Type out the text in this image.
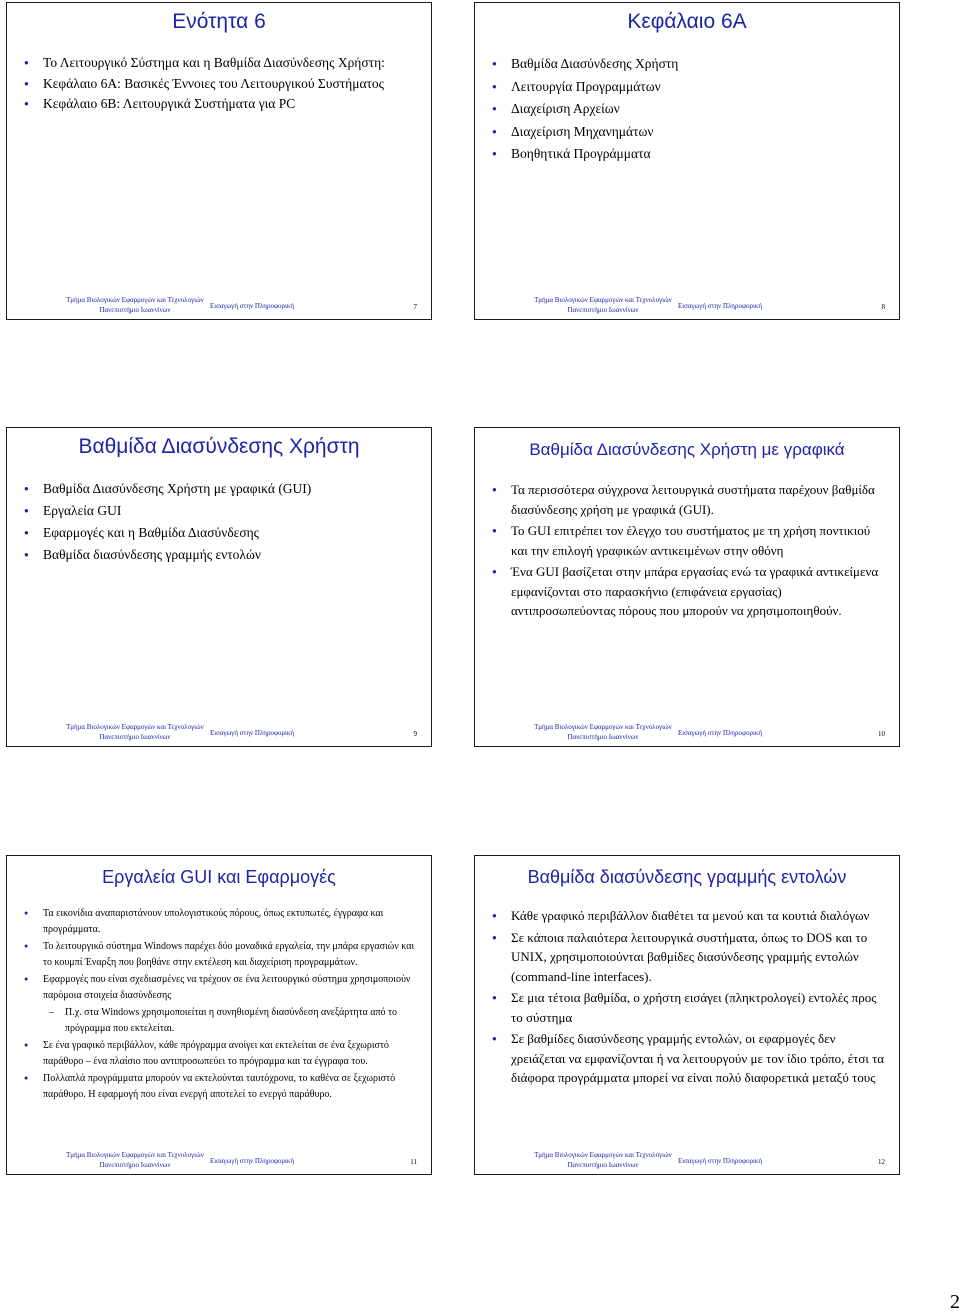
Ενότητα 6
● Το Λειτουργικό Σύστημα και η Βαθμίδα Διασύνδεσης Χρήστη:
● Κεφάλαιο 6Α: Βασικές Έννοιες του Λειτουργικού Συστήματος
● Κεφάλαιο 6Β: Λειτουργικά Συστήματα για PC
Τμήμα Βιολογικών Εφαρμογών και Τεχνολογιών
Πανεπιστήμιο Ιωαννίνων	Εισαγωγή στην Πληροφορική	7
Κεφάλαιο 6Α
● Βαθμίδα Διασύνδεσης Χρήστη
● Λειτουργία Προγραμμάτων
● Διαχείριση Αρχείων
● Διαχείριση Μηχανημάτων
● Βοηθητικά Προγράμματα
Τμήμα Βιολογικών Εφαρμογών και Τεχνολογιών
Πανεπιστήμιο Ιωαννίνων	Εισαγωγή στην Πληροφορική	8
Βαθμίδα Διασύνδεσης Χρήστη
● Βαθμίδα Διασύνδεσης Χρήστη με γραφικά (GUI)
● Εργαλεία GUI
● Εφαρμογές και η Βαθμίδα Διασύνδεσης
● Βαθμίδα διασύνδεσης γραμμής εντολών
Τμήμα Βιολογικών Εφαρμογών και Τεχνολογιών
Πανεπιστήμιο Ιωαννίνων	Εισαγωγή στην Πληροφορική	9
Βαθμίδα Διασύνδεσης Χρήστη με γραφικά
● Τα περισσότερα σύγχρονα λειτουργικά συστήματα παρέχουν βαθμίδα διασύνδεσης χρήση με γραφικά (GUI).
● Το GUI επιτρέπει τον έλεγχο του συστήματος με τη χρήση ποντικιού και την επιλογή γραφικών αντικειμένων στην οθόνη
● Ένα GUI βασίζεται στην μπάρα εργασίας ενώ τα γραφικά αντικείμενα εμφανίζονται στο παρασκήνιο (επιφάνεια εργασίας) αντιπροσωπεύοντας πόρους που μπορούν να χρησιμοποιηθούν.
Τμήμα Βιολογικών Εφαρμογών και Τεχνολογιών
Πανεπιστήμιο Ιωαννίνων	Εισαγωγή στην Πληροφορική	10
Εργαλεία GUI και Εφαρμογές
● Τα εικονίδια αναπαριστάνουν υπολογιστικούς πόρους, όπως εκτυπωτές, έγγραφα και προγράμματα.
● Το λειτουργικό σύστημα Windows παρέχει δύο μοναδικά εργαλεία, την μπάρα εργασιών και το κουμπί Έναρξη που βοηθάνε στην εκτέλεση και διαχείριση προγραμμάτων.
● Εφαρμογές που είναι σχεδιασμένες να τρέχουν σε ένα λειτουργικό σύστημα χρησιμοποιούν παρόμοια στοιχεία διασύνδεσης
– Π.χ. στα Windows χρησιμοποιείται η συνηθισμένη διασύνδεση ανεξάρτητα από το πρόγραμμα που εκτελείται.
● Σε ένα γραφικό περιβάλλον, κάθε πρόγραμμα ανοίγει και εκτελείται σε ένα ξεχωριστό παράθυρο – ένα πλαίσιο που αντιπροσωπεύει το πρόγραμμα και τα έγγραφα του.
● Πολλαπλά προγράμματα μπορούν να εκτελούνται ταυτόχρονα, το καθένα σε ξεχωριστό παράθυρο. Η εφαρμογή που είναι ενεργή αποτελεί το ενεργό παράθυρο.
Τμήμα Βιολογικών Εφαρμογών και Τεχνολογιών
Πανεπιστήμιο Ιωαννίνων	Εισαγωγή στην Πληροφορική	11
Βαθμίδα διασύνδεσης γραμμής εντολών
● Κάθε γραφικό περιβάλλον διαθέτει τα μενού και τα κουτιά διαλόγων
● Σε κάποια παλαιότερα λειτουργικά συστήματα, όπως το DOS και το UNIX, χρησιμοποιούνται βαθμίδες διασύνδεσης γραμμής εντολών (command-line interfaces).
● Σε μια τέτοια βαθμίδα, ο χρήστη εισάγει (πληκτρολογεί) εντολές προς το σύστημα
● Σε βαθμίδες διασύνδεσης γραμμής εντολών, οι εφαρμογές δεν χρειάζεται να εμφανίζονται ή να λειτουργούν με τον ίδιο τρόπο, έτσι τα διάφορα προγράμματα μπορεί να είναι πολύ διαφορετικά μεταξύ τους
Τμήμα Βιολογικών Εφαρμογών και Τεχνολογιών
Πανεπιστήμιο Ιωαννίνων	Εισαγωγή στην Πληροφορική	12
2
